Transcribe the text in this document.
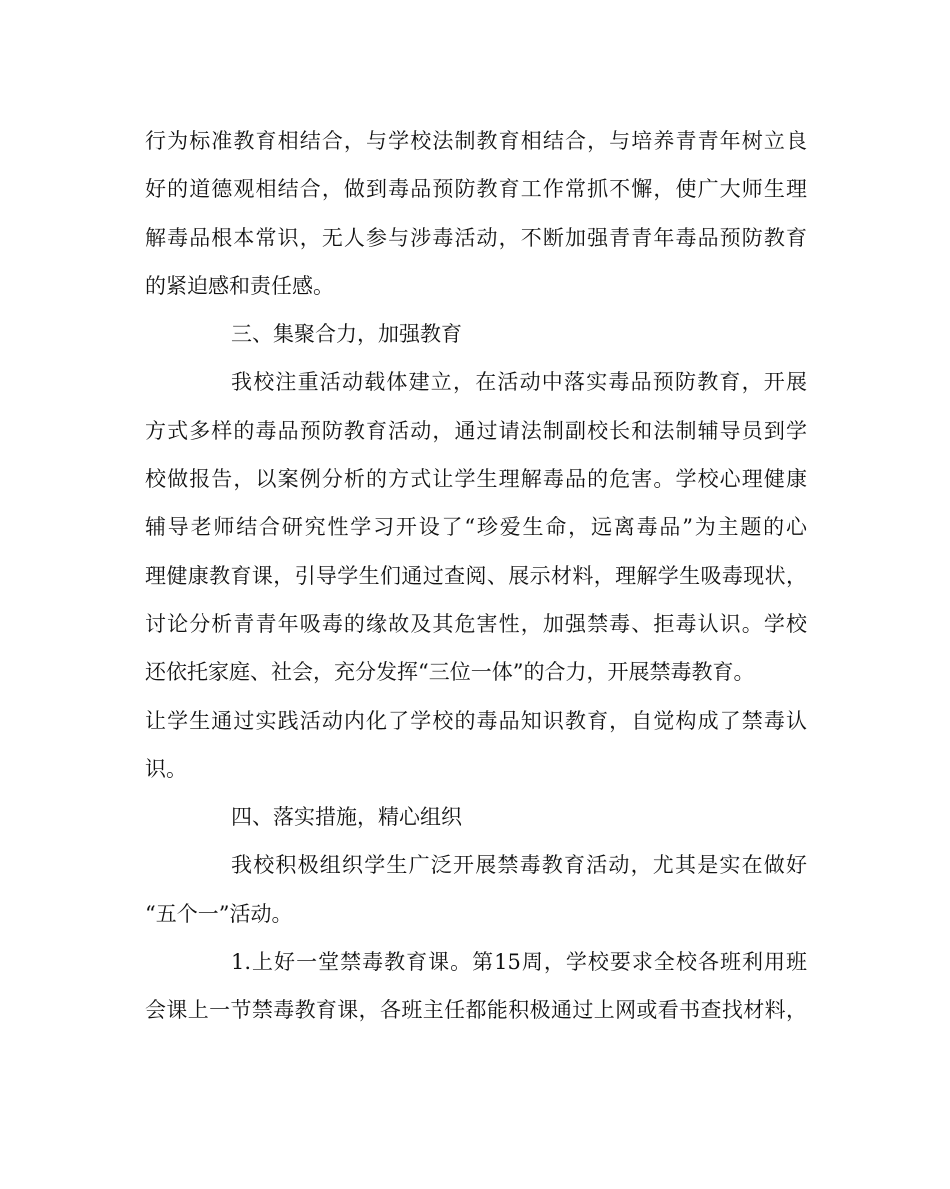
行为标准教育相结合，与学校法制教育相结合，与培养青青年树立良
好的道德观相结合，做到毒品预防教育工作常抓不懈，使广大师生理
解毒品根本常识，无人参与涉毒活动，不断加强青青年毒品预防教育
的紧迫感和责任感。
三、集聚合力，加强教育
我校注重活动载体建立，在活动中落实毒品预防教育，开展
方式多样的毒品预防教育活动，通过请法制副校长和法制辅导员到学
校做报告，以案例分析的方式让学生理解毒品的危害。学校心理健康
辅导老师结合研究性学习开设了“珍爱生命，远离毒品”为主题的心
理健康教育课，引导学生们通过查阅、展示材料，理解学生吸毒现状，
讨论分析青青年吸毒的缘故及其危害性，加强禁毒、拒毒认识。学校
还依托家庭、社会，充分发挥“三位一体”的合力，开展禁毒教育。
让学生通过实践活动内化了学校的毒品知识教育，自觉构成了禁毒认
识。
四、落实措施，精心组织
我校积极组织学生广泛开展禁毒教育活动，尤其是实在做好
“五个一”活动。
1.上好一堂禁毒教育课。第15周，学校要求全校各班利用班
会课上一节禁毒教育课，各班主任都能积极通过上网或看书查找材料，
